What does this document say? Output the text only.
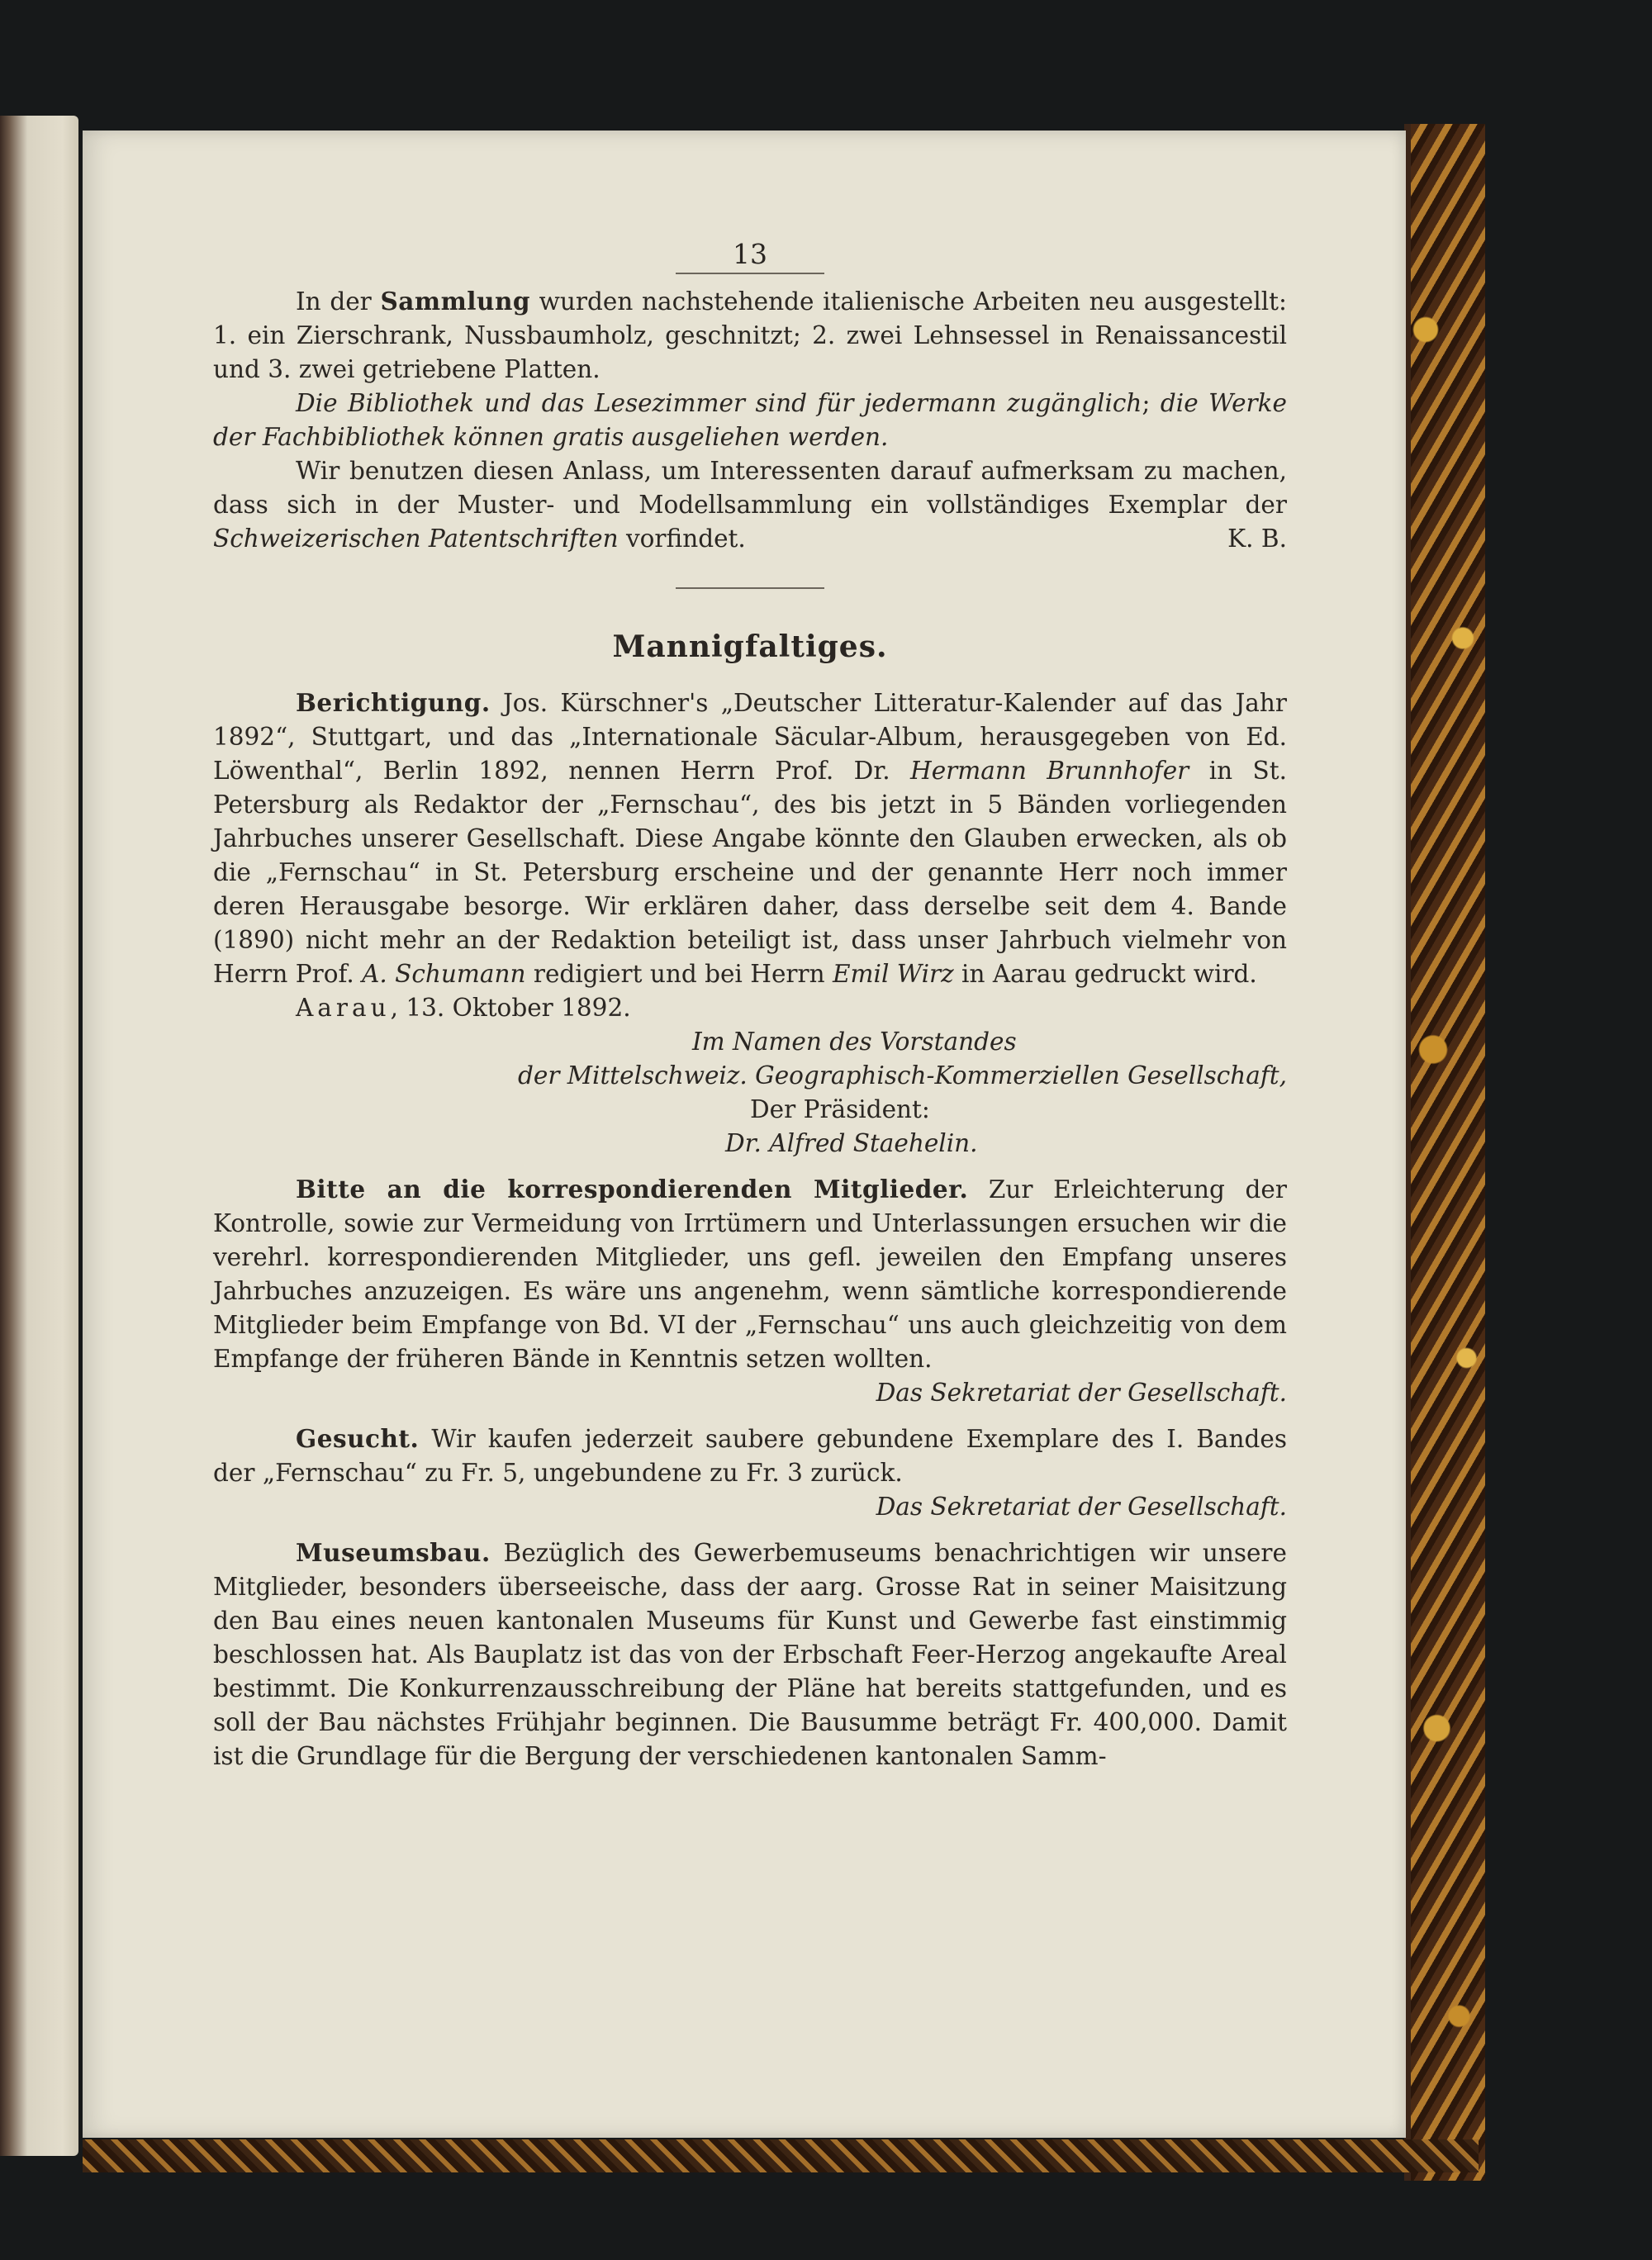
13

In der Sammlung wurden nachstehende italienische Arbeiten neu ausgestellt: 1. ein Zierschrank, Nussbaumholz, geschnitzt; 2. zwei Lehnsessel in Renaissancestil und 3. zwei getriebene Platten.

Die Bibliothek und das Lesezimmer sind für jedermann zugänglich; die Werke der Fachbibliothek können gratis ausgeliehen werden.

Wir benutzen diesen Anlass, um Interessenten darauf aufmerksam zu machen, dass sich in der Muster- und Modellsammlung ein vollständiges Exemplar der Schweizerischen Patentschriften vorfindet.	K. B.

Mannigfaltiges.

Berichtigung. Jos. Kürschner's „Deutscher Litteratur-Kalender auf das Jahr 1892“, Stuttgart, und das „Internationale Säcular-Album, herausgegeben von Ed. Löwenthal“, Berlin 1892, nennen Herrn Prof. Dr. Hermann Brunnhofer in St. Petersburg als Redaktor der „Fernschau“, des bis jetzt in 5 Bänden vorliegenden Jahrbuches unserer Gesellschaft. Diese Angabe könnte den Glauben erwecken, als ob die „Fernschau“ in St. Petersburg erscheine und der genannte Herr noch immer deren Herausgabe besorge. Wir erklären daher, dass derselbe seit dem 4. Bande (1890) nicht mehr an der Redaktion beteiligt ist, dass unser Jahrbuch vielmehr von Herrn Prof. A. Schumann redigiert und bei Herrn Emil Wirz in Aarau gedruckt wird.

Aarau, 13. Oktober 1892.

Im Namen des Vorstandes

der Mittelschweiz. Geographisch-Kommerziellen Gesellschaft,

Der Präsident:

Dr. Alfred Staehelin.

Bitte an die korrespondierenden Mitglieder. Zur Erleichterung der Kontrolle, sowie zur Vermeidung von Irrtümern und Unterlassungen ersuchen wir die verehrl. korrespondierenden Mitglieder, uns gefl. jeweilen den Empfang unseres Jahrbuches anzuzeigen. Es wäre uns angenehm, wenn sämtliche korrespondierende Mitglieder beim Empfange von Bd. VI der „Fernschau“ uns auch gleichzeitig von dem Empfange der früheren Bände in Kenntnis setzen wollten.

Das Sekretariat der Gesellschaft.

Gesucht. Wir kaufen jederzeit saubere gebundene Exemplare des I. Bandes der „Fernschau“ zu Fr. 5, ungebundene zu Fr. 3 zurück.

Das Sekretariat der Gesellschaft.

Museumsbau. Bezüglich des Gewerbemuseums benachrichtigen wir unsere Mitglieder, besonders überseeische, dass der aarg. Grosse Rat in seiner Maisitzung den Bau eines neuen kantonalen Museums für Kunst und Gewerbe fast einstimmig beschlossen hat. Als Bauplatz ist das von der Erbschaft Feer-Herzog angekaufte Areal bestimmt. Die Konkurrenzausschreibung der Pläne hat bereits stattgefunden, und es soll der Bau nächstes Frühjahr beginnen. Die Bausumme beträgt Fr. 400,000. Damit ist die Grundlage für die Bergung der verschiedenen kantonalen Samm-
